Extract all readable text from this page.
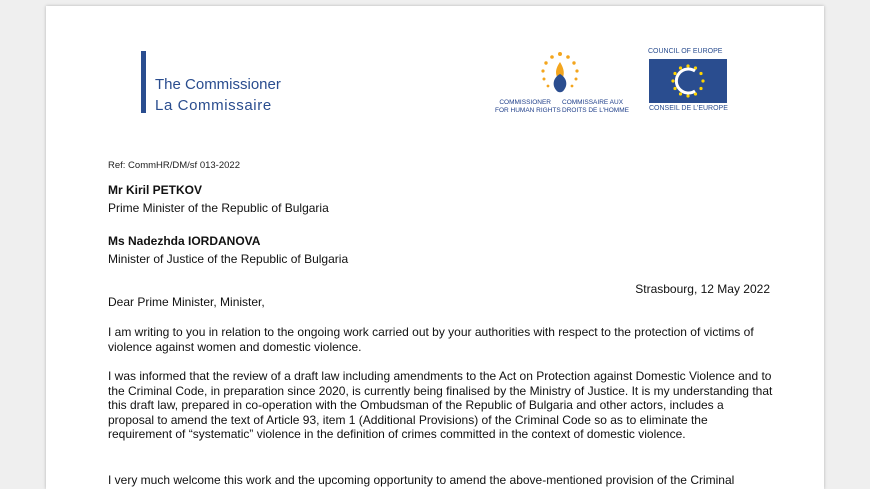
The Commissioner
La Commissaire	COMMISSIONER
FOR HUMAN RIGHTS
COMMISSAIRE AUX
DROITS DE L'HOMME
COUNCIL OF EUROPE
CONSEIL DE L'EUROPE
Ref: CommHR/DM/sf 013-2022
Mr Kiril PETKOV
Prime Minister of the Republic of Bulgaria
Ms Nadezhda IORDANOVA
Minister of Justice of the Republic of Bulgaria
Strasbourg, 12 May 2022
Dear Prime Minister, Minister,
I am writing to you in relation to the ongoing work carried out by your authorities with respect to the protection of victims of violence against women and domestic violence.
I was informed that the review of a draft law including amendments to the Act on Protection against Domestic Violence and to the Criminal Code, in preparation since 2020, is currently being finalised by the Ministry of Justice. It is my understanding that this draft law, prepared in co-operation with the Ombudsman of the Republic of Bulgaria and other actors, includes a proposal to amend the text of Article 93, item 1 (Additional Provisions) of the Criminal Code so as to eliminate the requirement of “systematic” violence in the definition of crimes committed in the context of domestic violence.
I very much welcome this work and the upcoming opportunity to amend the above-mentioned provision of the Criminal
